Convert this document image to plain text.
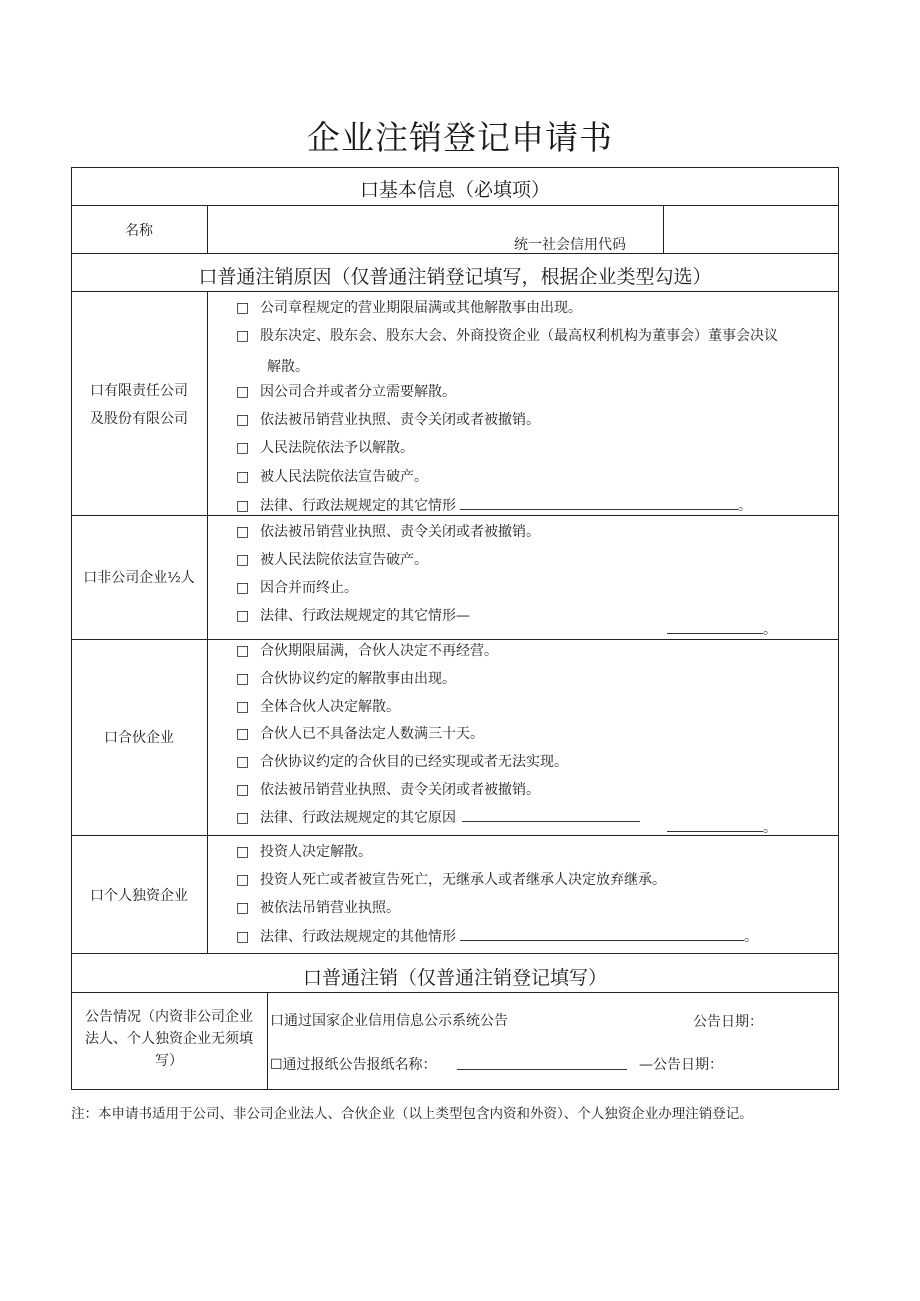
企业注销登记申请书
口基本信息（必填项）
名称
统一社会信用代码
口普通注销原因（仅普通注销登记填写，根据企业类型勾选）
口有限责任公司
及股份有限公司
□ 公司章程规定的营业期限届满或其他解散事由出现。
□ 股东决定、股东会、股东大会、外商投资企业（最高权利机构为董事会）董事会决议
解散。
□ 因公司合并或者分立需要解散。
□ 依法被吊销营业执照、责令关闭或者被撤销。
□ 人民法院依法予以解散。
□ 被人民法院依法宣告破产。
□ 法律、行政法规规定的其它情形	。
口非公司企业½人
□ 依法被吊销营业执照、责令关闭或者被撤销。
□ 被人民法院依法宣告破产。
□ 因合并而终止。
□ 法律、行政法规规定的其它情形—
。
口合伙企业
□ 合伙期限届满，合伙人决定不再经营。
□ 合伙协议约定的解散事由出现。
□ 全体合伙人决定解散。
□ 合伙人已不具备法定人数满三十天。
□ 合伙协议约定的合伙目的已经实现或者无法实现。
□ 依法被吊销营业执照、责令关闭或者被撤销。
□ 法律、行政法规规定的其它原因
。
口个人独资企业
□ 投资人决定解散。
□ 投资人死亡或者被宣告死亡，无继承人或者继承人决定放弃继承。
□ 被依法吊销营业执照。
□ 法律、行政法规规定的其他情形	。
口普通注销（仅普通注销登记填写）
公告情况（内资非公司企业
法人、个人独资企业无须填
写）
口通过国家企业信用信息公示系统公告	公告日期：
☐通过报纸公告报纸名称：	—公告日期：
注：本申请书适用于公司、非公司企业法人、合伙企业（以上类型包含内资和外资）、个人独资企业办理注销登记。
